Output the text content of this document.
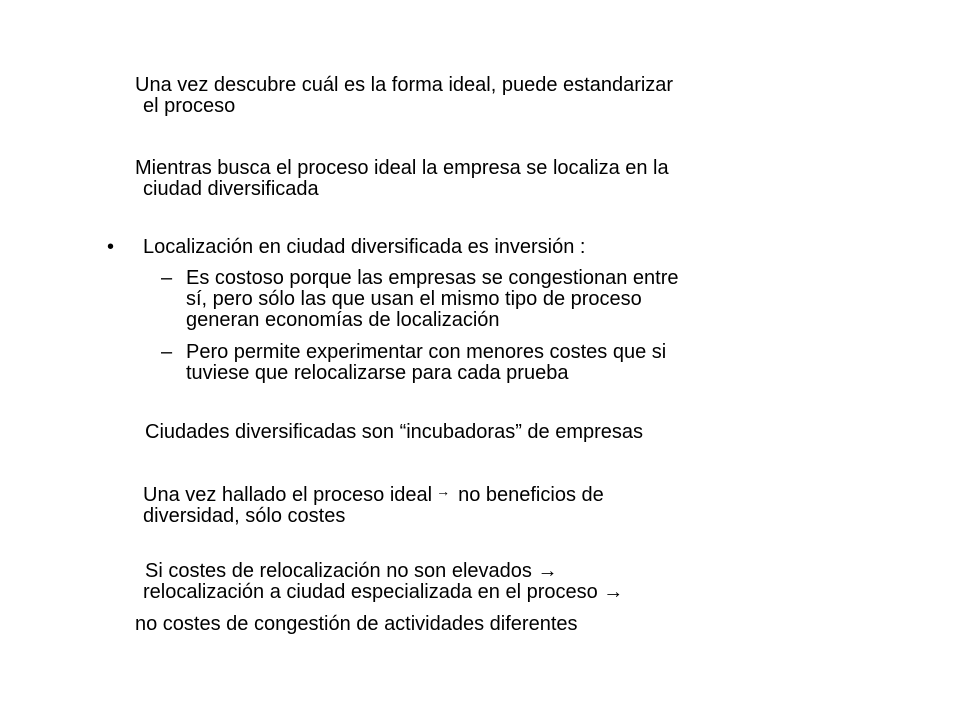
Una vez descubre cuál es la forma ideal, puede estandarizar
el proceso
Mientras busca el proceso ideal la empresa se localiza en la
ciudad diversificada
• Localización en ciudad diversificada es inversión :
– Es costoso porque las empresas se congestionan entre
sí, pero sólo las que usan el mismo tipo de proceso
generan economías de localización
– Pero permite experimentar con menores costes que si
tuviese que relocalizarse para cada prueba
Ciudades diversificadas son “incubadoras” de empresas
Una vez hallado el proceso ideal → no beneficios de
diversidad, sólo costes
Si costes de relocalización no son elevados →
relocalización a ciudad especializada en el proceso →
no costes de congestión de actividades diferentes
